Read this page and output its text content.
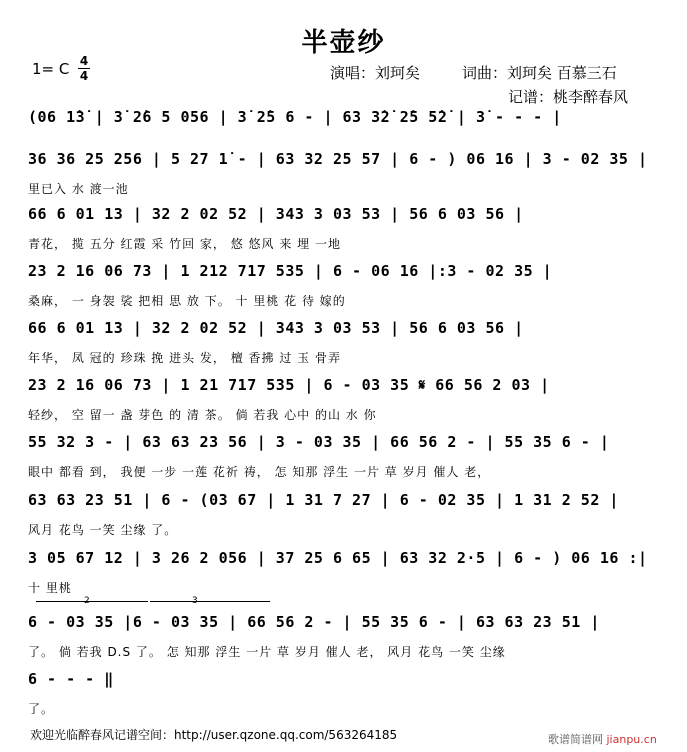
半壶纱
1= C 4
4	演唱：刘珂矣	词曲：刘珂矣 百慕三石
记谱：桃李醉春风
(06 1̇3̇ | 3̇ 2̇6 5 056 | 3̇ 2̇5 6 - | 63 3̇2̇ 2̇5 5̇2̇ | 3̇ - - - |
36 36 25 256 | 5 27 1̇ - | 63 32 25 57 | 6 - ) 06 16 | 3 - 02 35 |
里已入 水 渡一池
66 6 01 13 | 32 2 02 52 | 343 3 03 53 | 56 6 03 56 |
青花， 揽 五分 红霞 采 竹回 家， 悠 悠风 来 埋 一地
23 2 16 06 73 | 1 212 717 535 | 6 - 06 16 |:3 - 02 35 |
桑麻， 一 身袈 裟 把相 思 放 下。 十 里桃 花 待 嫁的
66 6 01 13 | 32 2 02 52 | 343 3 03 53 | 56 6 03 56 |
年华， 凤 冠的 珍珠 挽 进头 发， 檀 香拂 过 玉 骨弄
23 2 16 06 73 | 1 21 717 535 | 6 - 03 35 𝄋 66 56 2 03 |
轻纱， 空 留一 盏 芽色 的 清 茶。 倘 若我 心中 的山 水 你
55 32 3 - | 63 63 23 56 | 3 - 03 35 | 66 56 2 - | 55 35 6 - |
眼中 都看 到， 我便 一步 一莲 花祈 祷， 怎 知那 浮生 一片 草 岁月 催人 老，
63 63 23 51 | 6 - (03 67 | 1 31 7 27 | 6 - 02 35 | 1 31 2 52 |
风月 花鸟 一笑 尘缘 了。
3 05 67 12 | 3 26 2 056 | 37 25 6 65 | 63 32 2·5 | 6 - ) 06 16 :|
十 里桃
2	3
6 - 03 35 |6 - 03 35 | 66 56 2 - | 55 35 6 - | 63 63 23 51 |
了。 倘 若我 D.S 了。 怎 知那 浮生 一片 草 岁月 催人 老， 风月 花鸟 一笑 尘缘
6 - - - ‖
了。
欢迎光临醉春风记谱空间：http://user.qzone.qq.com/563264185	歌谱简谱网 jianpu.cn
